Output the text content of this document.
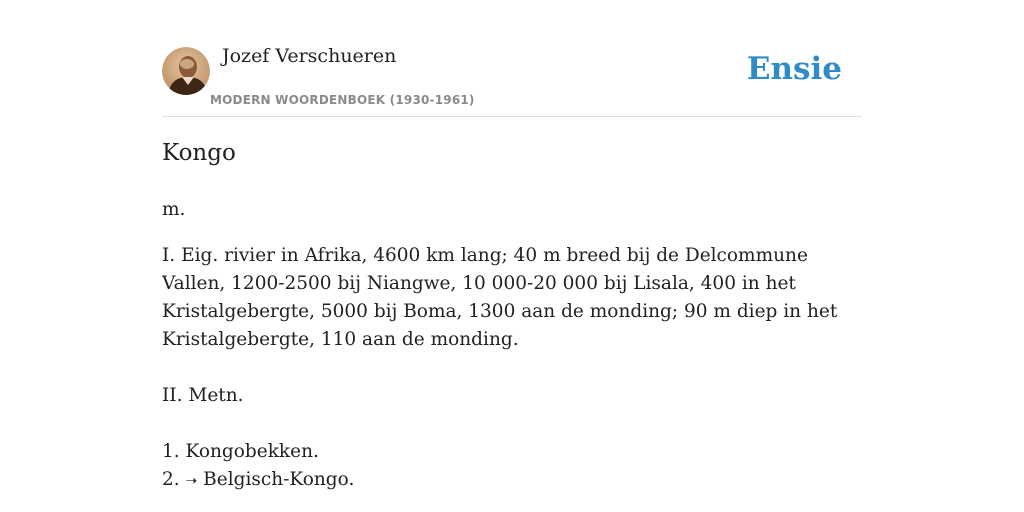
Jozef Verschueren
MODERN WOORDENBOEK (1930-1961)
Ensie
Kongo

m.

I. Eig. rivier in Afrika, 4600 km lang; 40 m breed bij de Delcommune Vallen, 1200-2500 bij Niangwe, 10 000-20 000 bij Lisala, 400 in het Kristalgebergte, 5000 bij Boma, 1300 aan de monding; 90 m diep in het Kristalgebergte, 110 aan de monding.

II. Metn.

1. Kongobekken.

2. ➝ Belgisch-Kongo.
